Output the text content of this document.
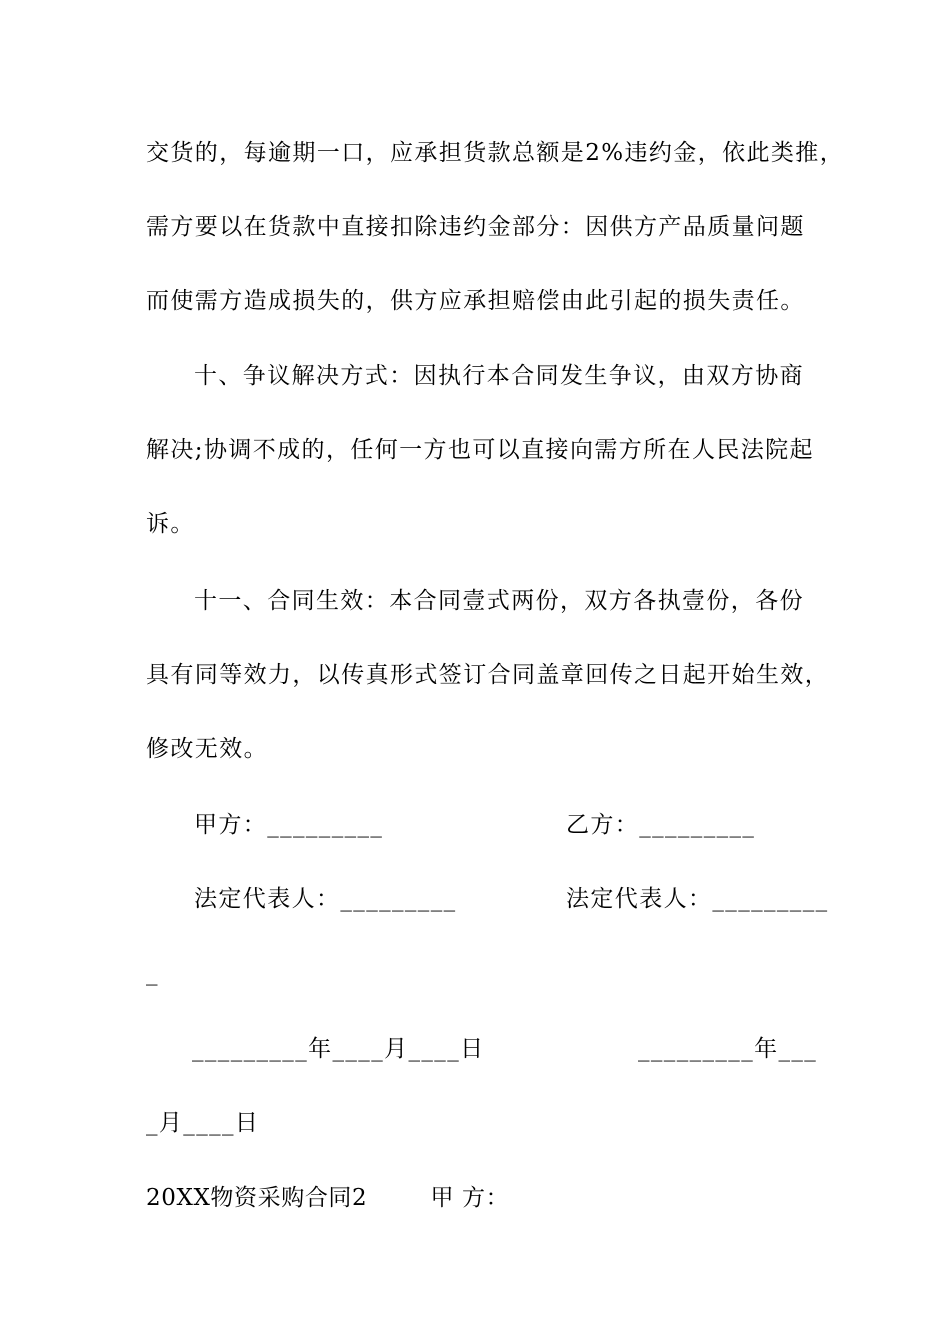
交货的，每逾期一口，应承担货款总额是2%违约金，依此类推，
需方要以在货款中直接扣除违约金部分：因供方产品质量问题
而使需方造成损失的，供方应承担赔偿由此引起的损失责任。
十、争议解决方式：因执行本合同发生争议，由双方协商
解决;协调不成的，任何一方也可以直接向需方所在人民法院起
诉。
十一、合同生效：本合同壹式两份，双方各执壹份，各份
具有同等效力，以传真形式签订合同盖章回传之日起开始生效，
修改无效。
甲方：_________	乙方：_________
法定代表人：_________	法定代表人：_________
_
_________年____月____日	_________年___
_月____日
20XX物资采购合同2        甲 方：
